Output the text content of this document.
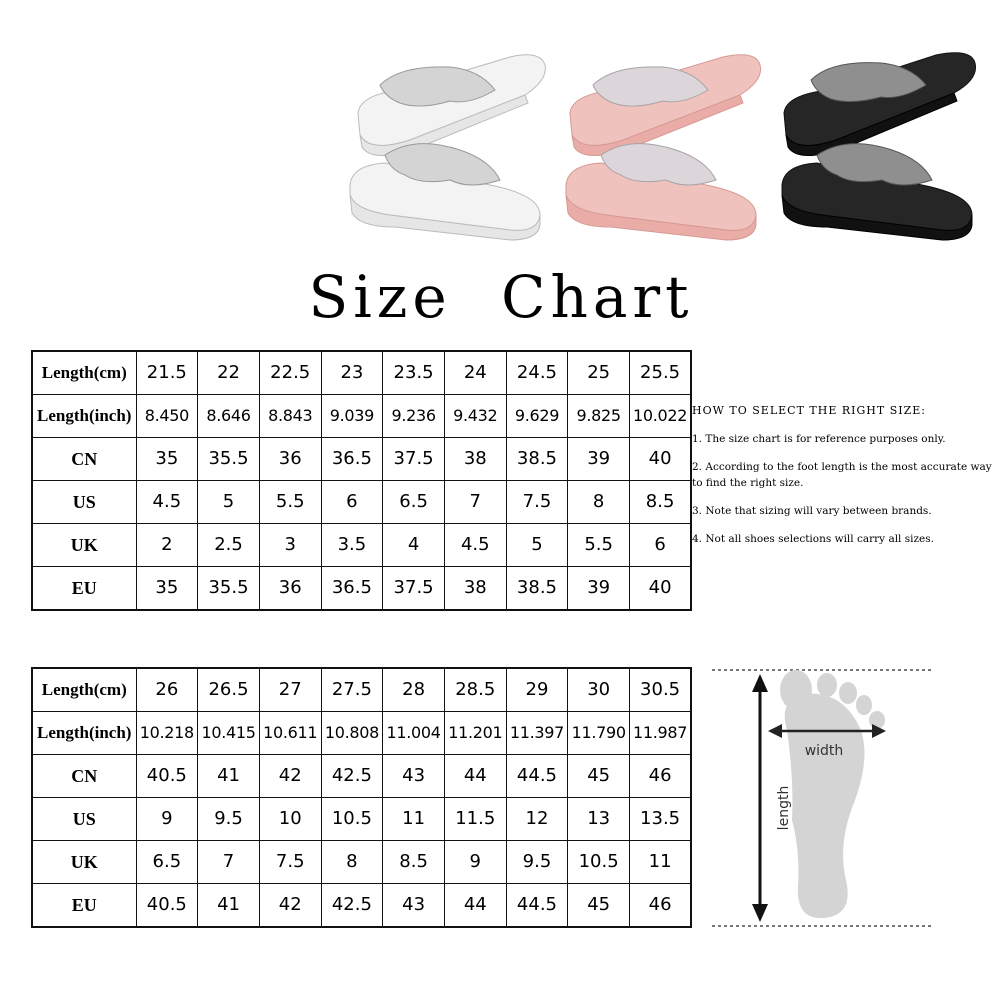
Size Chart
Length(cm)	21.5	22	22.5	23	23.5	24	24.5	25	25.5
Length(inch)	8.450	8.646	8.843	9.039	9.236	9.432	9.629	9.825	10.022
CN	35	35.5	36	36.5	37.5	38	38.5	39	40
US	4.5	5	5.5	6	6.5	7	7.5	8	8.5
UK	2	2.5	3	3.5	4	4.5	5	5.5	6
EU	35	35.5	36	36.5	37.5	38	38.5	39	40
Length(cm)	26	26.5	27	27.5	28	28.5	29	30	30.5
Length(inch)	10.218	10.415	10.611	10.808	11.004	11.201	11.397	11.790	11.987
CN	40.5	41	42	42.5	43	44	44.5	45	46
US	9	9.5	10	10.5	11	11.5	12	13	13.5
UK	6.5	7	7.5	8	8.5	9	9.5	10.5	11
EU	40.5	41	42	42.5	43	44	44.5	45	46
HOW TO SELECT THE RIGHT SIZE:
1. The size chart is for reference purposes only.
2. According to the foot length is the most accurate way to find the right size.
3. Note that sizing will vary between brands.
4. Not all shoes selections will carry all sizes.
width
length
